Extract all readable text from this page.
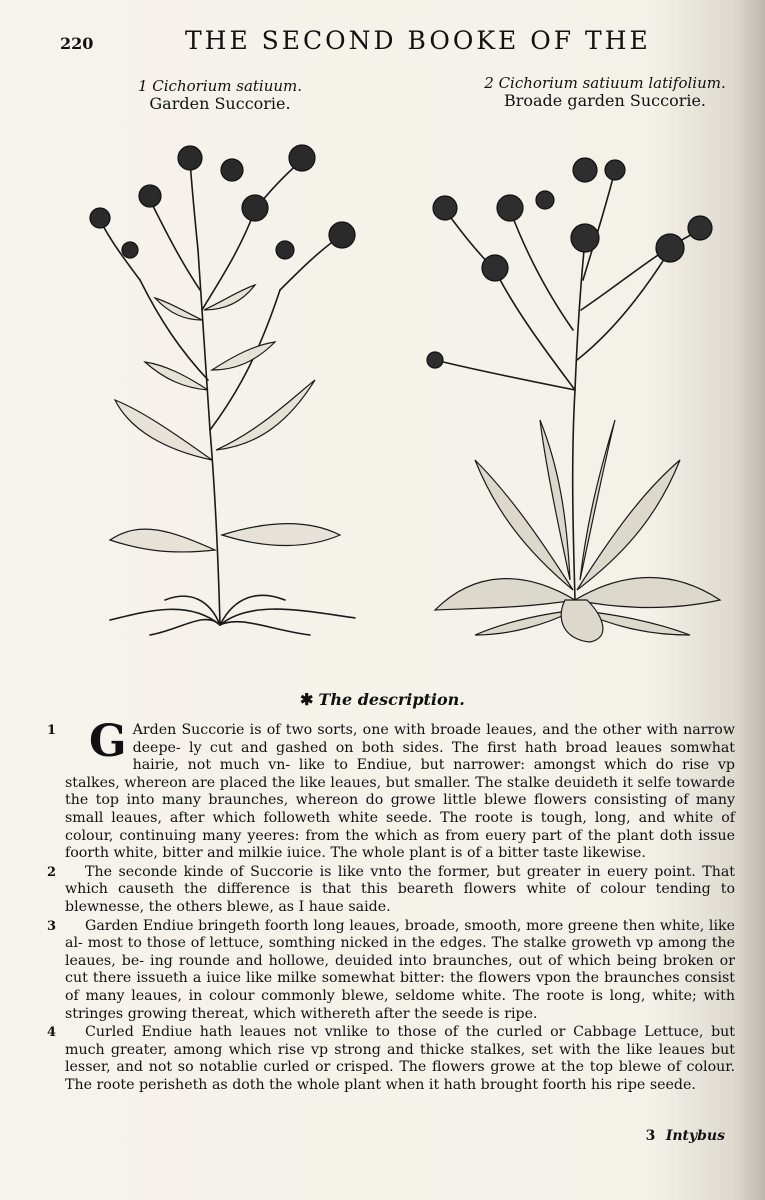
220	THE SECOND BOOKE OF THE
1 Cichorium satiuum.
Garden Succorie.
2 Cichorium satiuum latifolium.
Broade garden Succorie.
✱ The description.

1 G Arden Succorie is of two sorts, one with broade leaues, and the other with narrow deepe- ly cut and gashed on both sides. The first hath broad leaues somwhat hairie, not much vn- like to Endiue, but narrower: amongst which do rise vp stalkes, whereon are placed the like leaues, but smaller. The stalke deuideth it selfe towarde the top into many braunches, whereon do growe little blewe flowers consisting of many small leaues, after which followeth white seede. The roote is tough, long, and white of colour, continuing many yeeres: from the which as from euery part of the plant doth issue foorth white, bitter and milkie iuice. The whole plant is of a bitter taste likewise.

2 The seconde kinde of Succorie is like vnto the former, but greater in euery point. That which causeth the difference is that this beareth flowers white of colour tending to blewnesse, the others blewe, as I haue saide.

3 Garden Endiue bringeth foorth long leaues, broade, smooth, more greene then white, like al- most to those of lettuce, somthing nicked in the edges. The stalke groweth vp among the leaues, be- ing rounde and hollowe, deuided into braunches, out of which being broken or cut there issueth a iuice like milke somewhat bitter: the flowers vpon the braunches consist of many leaues, in colour commonly blewe, seldome white. The roote is long, white; with stringes growing thereat, which withereth after the seede is ripe.

4 Curled Endiue hath leaues not vnlike to those of the curled or Cabbage Lettuce, but much greater, among which rise vp strong and thicke stalkes, set with the like leaues but lesser, and not so notablie curled or crisped. The flowers growe at the top blewe of colour. The roote perisheth as doth the whole plant when it hath brought foorth his ripe seede.

3 Intybus
